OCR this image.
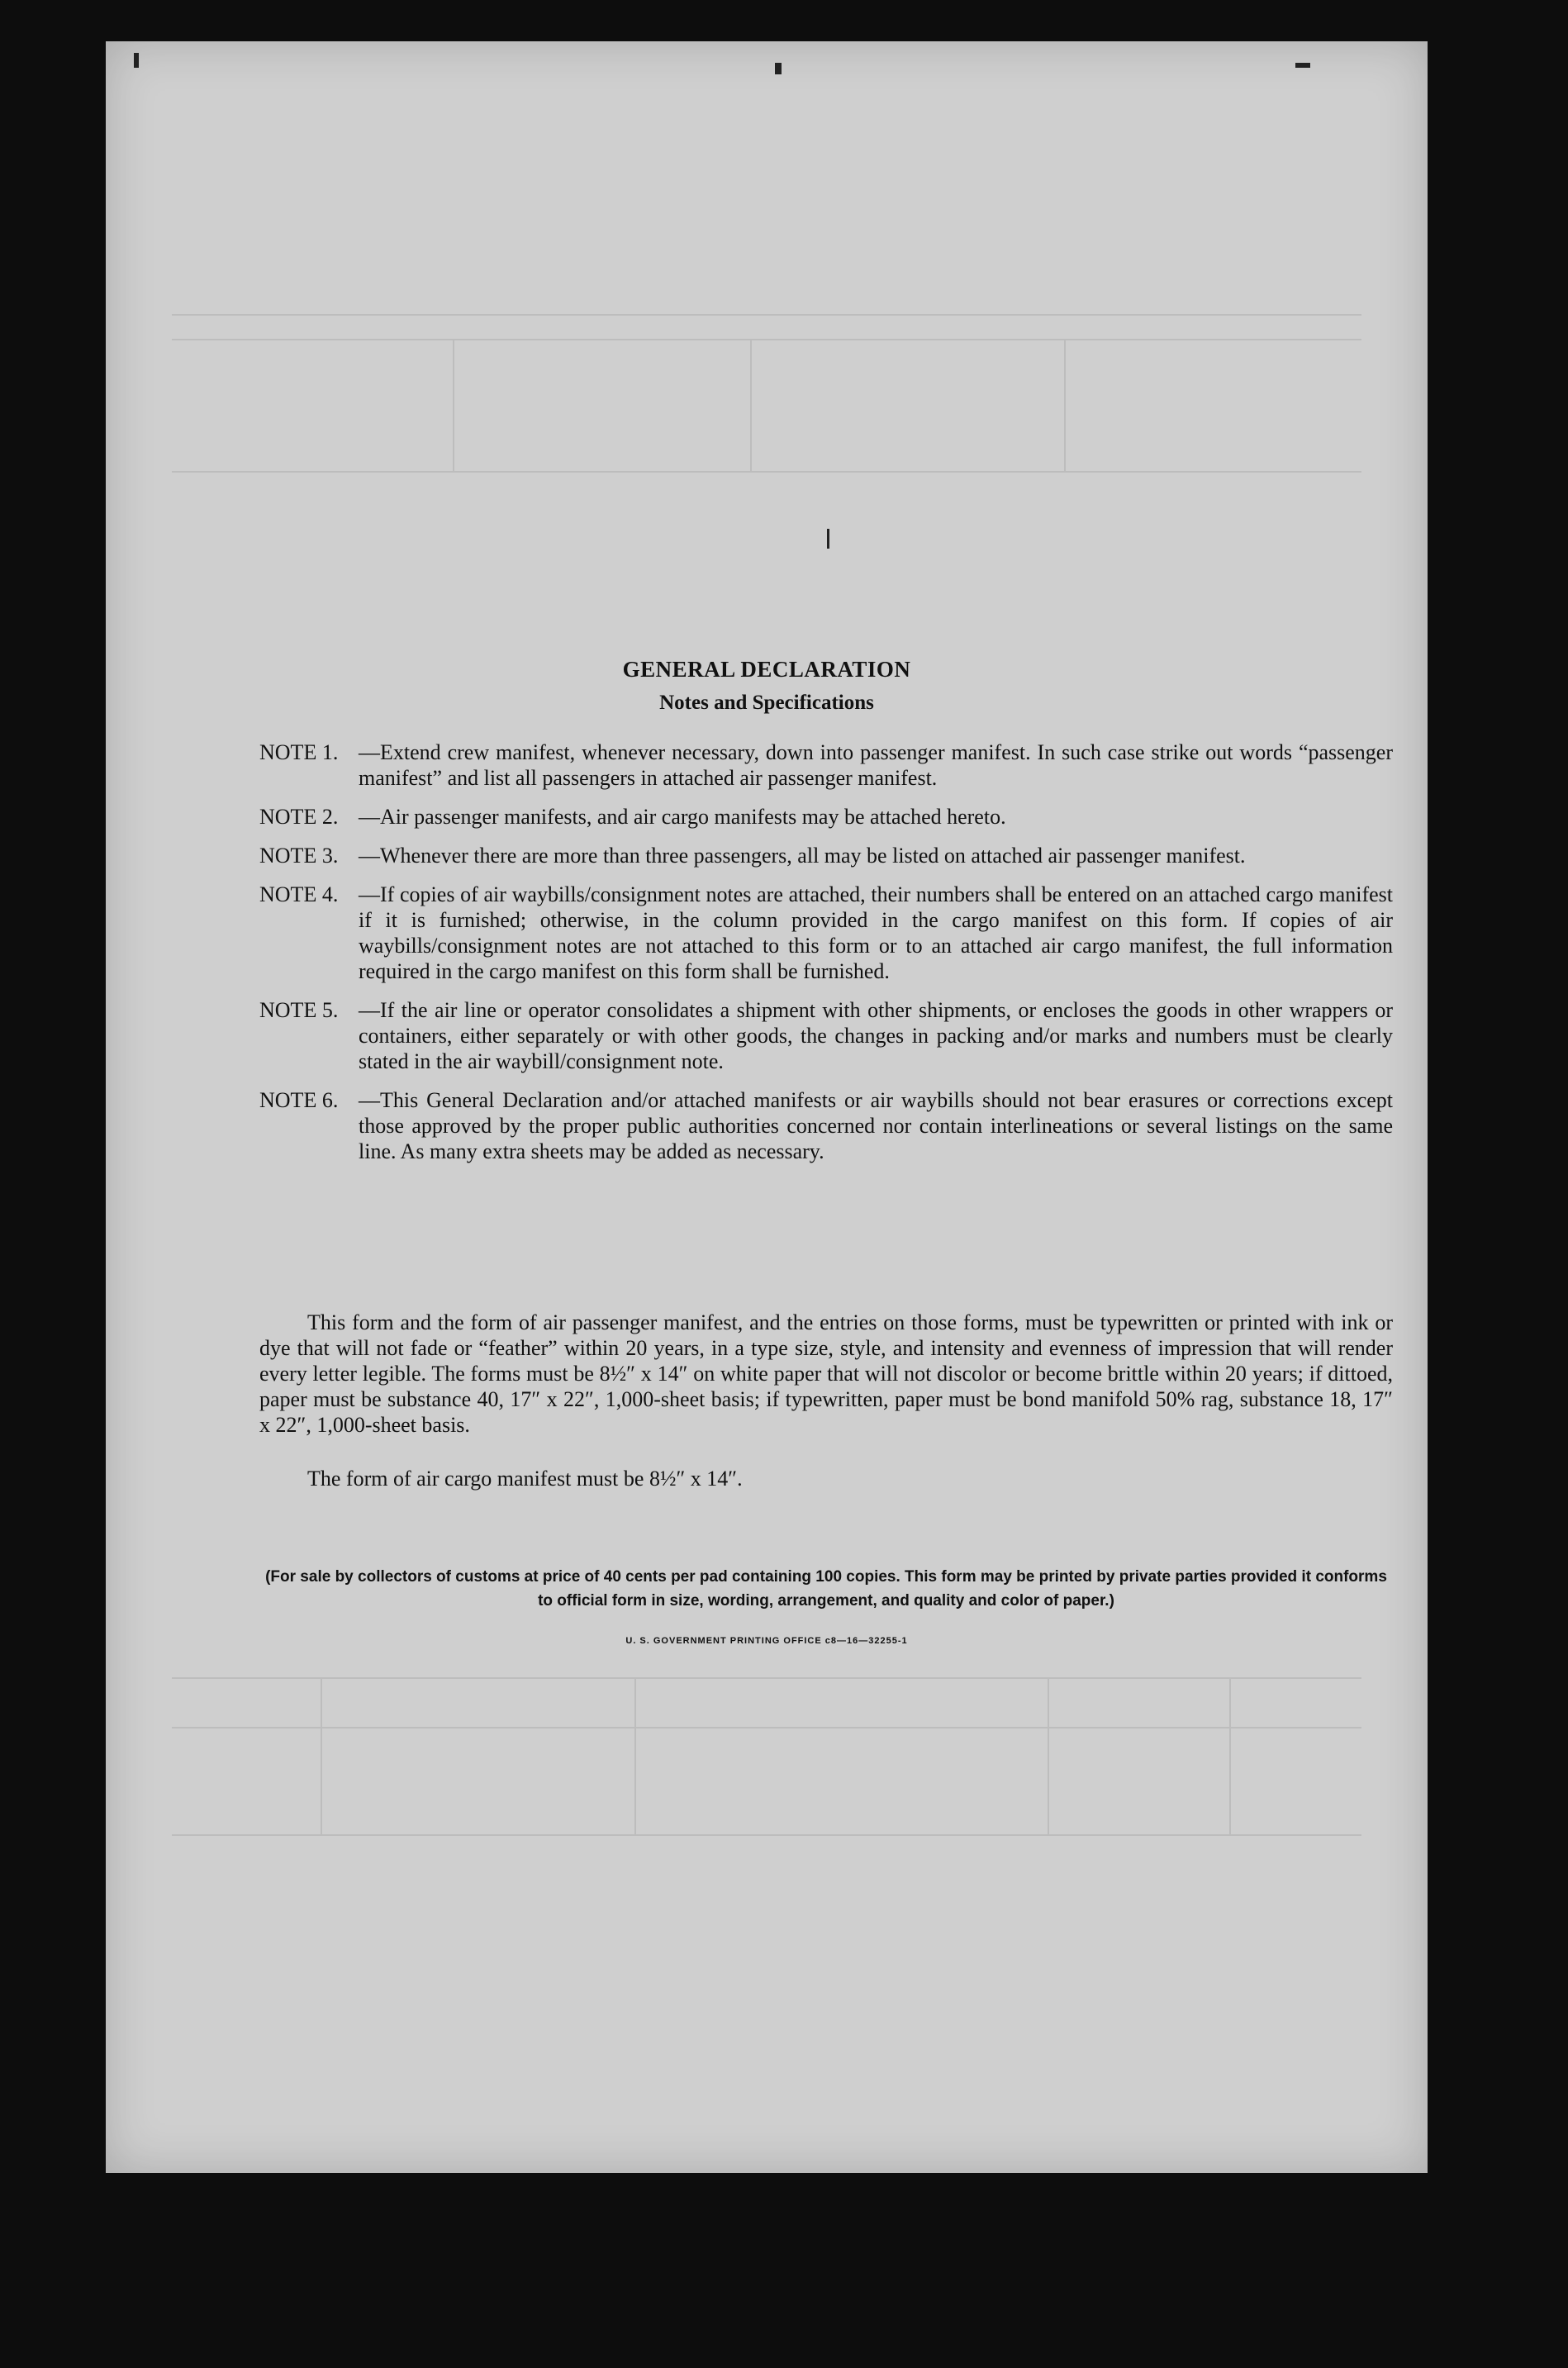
GENERAL DECLARATION
Notes and Specifications
NOTE 1. —Extend crew manifest, whenever necessary, down into passenger manifest. In such case strike out words “passenger manifest” and list all passengers in attached air passenger manifest.
NOTE 2. —Air passenger manifests, and air cargo manifests may be attached hereto.
NOTE 3. —Whenever there are more than three passengers, all may be listed on attached air passenger manifest.
NOTE 4. —If copies of air waybills/consignment notes are attached, their numbers shall be entered on an attached cargo manifest if it is furnished; otherwise, in the column provided in the cargo manifest on this form. If copies of air waybills/consignment notes are not attached to this form or to an attached air cargo manifest, the full information required in the cargo manifest on this form shall be furnished.
NOTE 5. —If the air line or operator consolidates a shipment with other shipments, or encloses the goods in other wrappers or containers, either separately or with other goods, the changes in packing and/or marks and numbers must be clearly stated in the air waybill/consignment note.
NOTE 6. —This General Declaration and/or attached manifests or air waybills should not bear erasures or corrections except those approved by the proper public authorities concerned nor contain interlineations or several listings on the same line. As many extra sheets may be added as necessary.
This form and the form of air passenger manifest, and the entries on those forms, must be typewritten or printed with ink or dye that will not fade or “feather” within 20 years, in a type size, style, and intensity and evenness of impression that will render every letter legible. The forms must be 8½″ x 14″ on white paper that will not discolor or become brittle within 20 years; if dittoed, paper must be substance 40, 17″ x 22″, 1,000-sheet basis; if typewritten, paper must be bond manifold 50% rag, substance 18, 17″ x 22″, 1,000-sheet basis.
The form of air cargo manifest must be 8½″ x 14″.
(For sale by collectors of customs at price of 40 cents per pad containing 100 copies. This form may be printed by private parties provided it conforms to official form in size, wording, arrangement, and quality and color of paper.)
U. S. GOVERNMENT PRINTING OFFICE c8—16—32255-1
